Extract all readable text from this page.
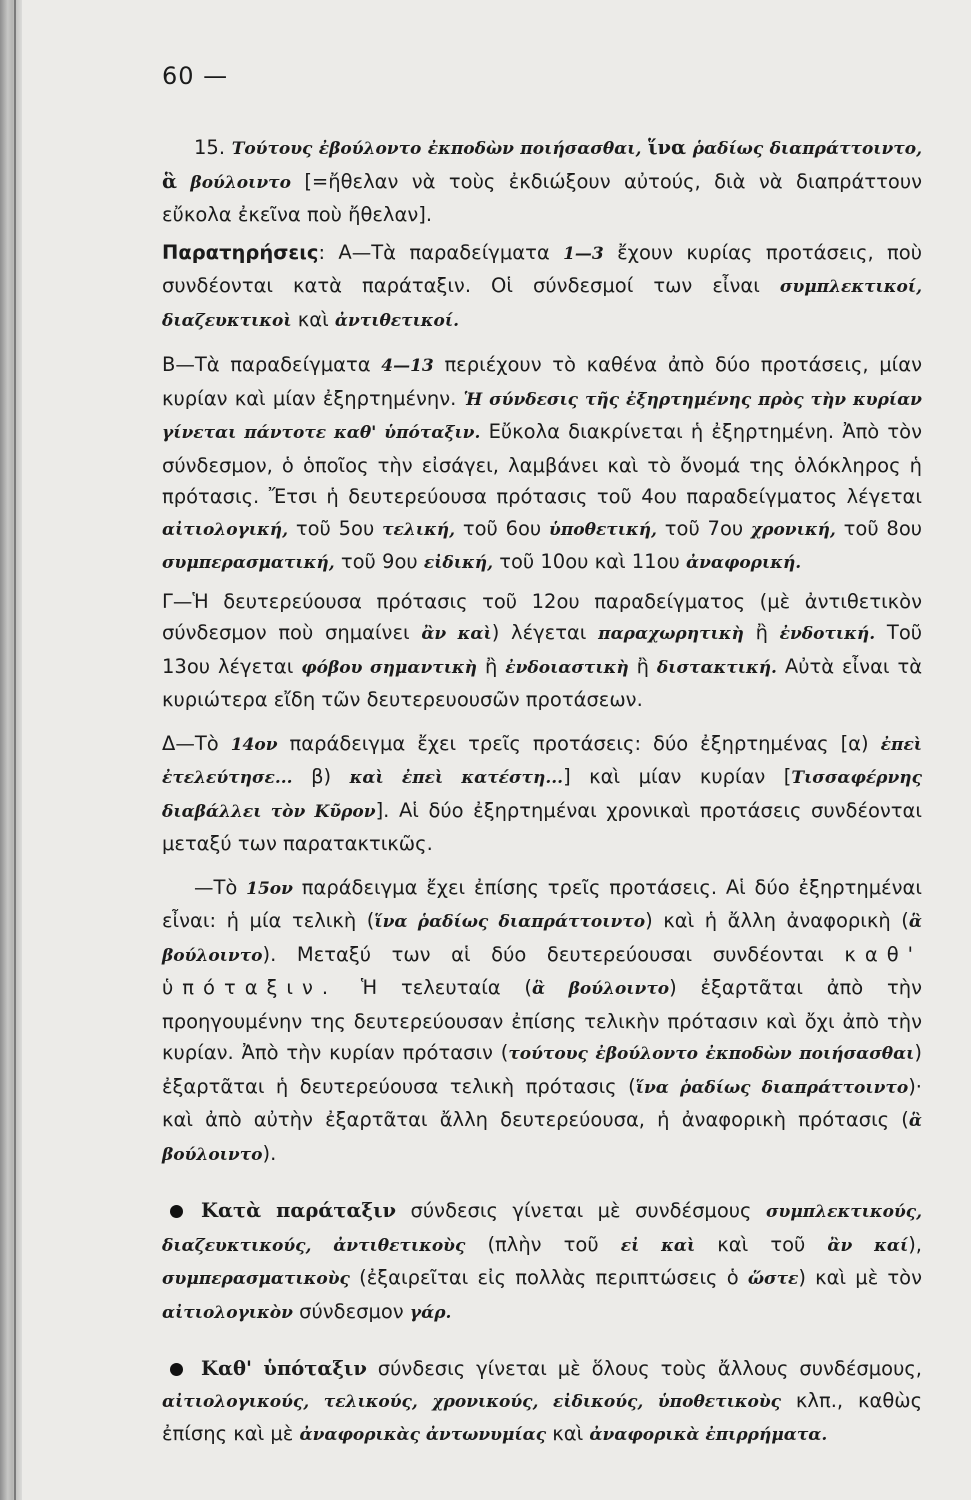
60 —

15. Τούτους ἐβούλοντο ἐκποδὼν ποιήσασθαι, ἵνα ῥαδίως διαπράττοιντο, ἃ βούλοιντο [=ἤθελαν νὰ τοὺς ἐκδιώξουν αὐτούς, διὰ νὰ διαπράττουν εὔκολα ἐκεῖνα ποὺ ἤθελαν].

Παρατηρήσεις: Α—Τὰ παραδείγματα 1—3 ἔχουν κυρίας προτάσεις, ποὺ συνδέονται κατὰ παράταξιν. Οἱ σύνδεσμοί των εἶναι συμπλεκτικοί, διαζευκτικοὶ καὶ ἀντιθετικοί.

Β—Τὰ παραδείγματα 4—13 περιέχουν τὸ καθένα ἀπὸ δύο προτάσεις, μίαν κυρίαν καὶ μίαν ἐξηρτημένην. Ἡ σύνδεσις τῆς ἐξηρτημένης πρὸς τὴν κυρίαν γίνεται πάντοτε καθ' ὑπόταξιν. Εὔκολα διακρίνεται ἡ ἐξηρτημένη. Ἀπὸ τὸν σύνδεσμον, ὁ ὁποῖος τὴν εἰσάγει, λαμβάνει καὶ τὸ ὄνομά της ὁλόκληρος ἡ πρότασις. Ἔτσι ἡ δευτερεύουσα πρότασις τοῦ 4ου παραδείγματος λέγεται αἰτιολογική, τοῦ 5ου τελική, τοῦ 6ου ὑποθετική, τοῦ 7ου χρονική, τοῦ 8ου συμπερασματική, τοῦ 9ου εἰδική, τοῦ 10ου καὶ 11ου ἀναφορική.

Γ—Ἡ δευτερεύουσα πρότασις τοῦ 12ου παραδείγματος (μὲ ἀντιθετικὸν σύνδεσμον ποὺ σημαίνει ἂν καὶ) λέγεται παραχωρητικὴ ἢ ἐνδοτική. Τοῦ 13ου λέγεται φόβου σημαντικὴ ἢ ἐνδοιαστικὴ ἢ διστακτική. Αὐτὰ εἶναι τὰ κυριώτερα εἴδη τῶν δευτερευουσῶν προτάσεων.

Δ—Τὸ 14ον παράδειγμα ἔχει τρεῖς προτάσεις: δύο ἐξηρτημένας [α) ἐπεὶ ἐτελεύτησε... β) καὶ ἐπεὶ κατέστη...] καὶ μίαν κυρίαν [Τισσαφέρνης διαβάλλει τὸν Κῦρον]. Αἱ δύο ἐξηρτημέναι χρονικαὶ προτάσεις συνδέονται μεταξύ των παρατακτικῶς.

—Τὸ 15ον παράδειγμα ἔχει ἐπίσης τρεῖς προτάσεις. Αἱ δύο ἐξηρτημέναι εἶναι: ἡ μία τελικὴ (ἵνα ῥαδίως διαπράττοιντο) καὶ ἡ ἄλλη ἀναφορικὴ (ἃ βούλοιντο). Μεταξύ των αἱ δύο δευτερεύουσαι συνδέονται καθ' ὑπόταξιν. Ἡ τελευταία (ἃ βούλοιντο) ἐξαρτᾶται ἀπὸ τὴν προηγουμένην της δευτερεύουσαν ἐπίσης τελικὴν πρότασιν καὶ ὄχι ἀπὸ τὴν κυρίαν. Ἀπὸ τὴν κυρίαν πρότασιν (τούτους ἐβούλοντο ἐκποδὼν ποιήσασθαι) ἐξαρτᾶται ἡ δευτερεύουσα τελικὴ πρότασις (ἵνα ῥαδίως διαπράττοιντο)· καὶ ἀπὸ αὐτὴν ἐξαρτᾶται ἄλλη δευτερεύουσα, ἡ ἀναφορικὴ πρότασις (ἃ βούλοιντο).

Κατὰ παράταξιν σύνδεσις γίνεται μὲ συνδέσμους συμπλεκτικούς, διαζευκτικούς, ἀντιθετικοὺς (πλὴν τοῦ εἰ καὶ καὶ τοῦ ἂν καί), συμπερασματικοὺς (ἐξαιρεῖται εἰς πολλὰς περιπτώσεις ὁ ὥστε) καὶ μὲ τὸν αἰτιολογικὸν σύνδεσμον γάρ.

Καθ' ὑπόταξιν σύνδεσις γίνεται μὲ ὅλους τοὺς ἄλλους συνδέσμους, αἰτιολογικούς, τελικούς, χρονικούς, εἰδικούς, ὑποθετικοὺς κλπ., καθὼς ἐπίσης καὶ μὲ ἀναφορικὰς ἀντωνυμίας καὶ ἀναφορικὰ ἐπιρρήματα.
